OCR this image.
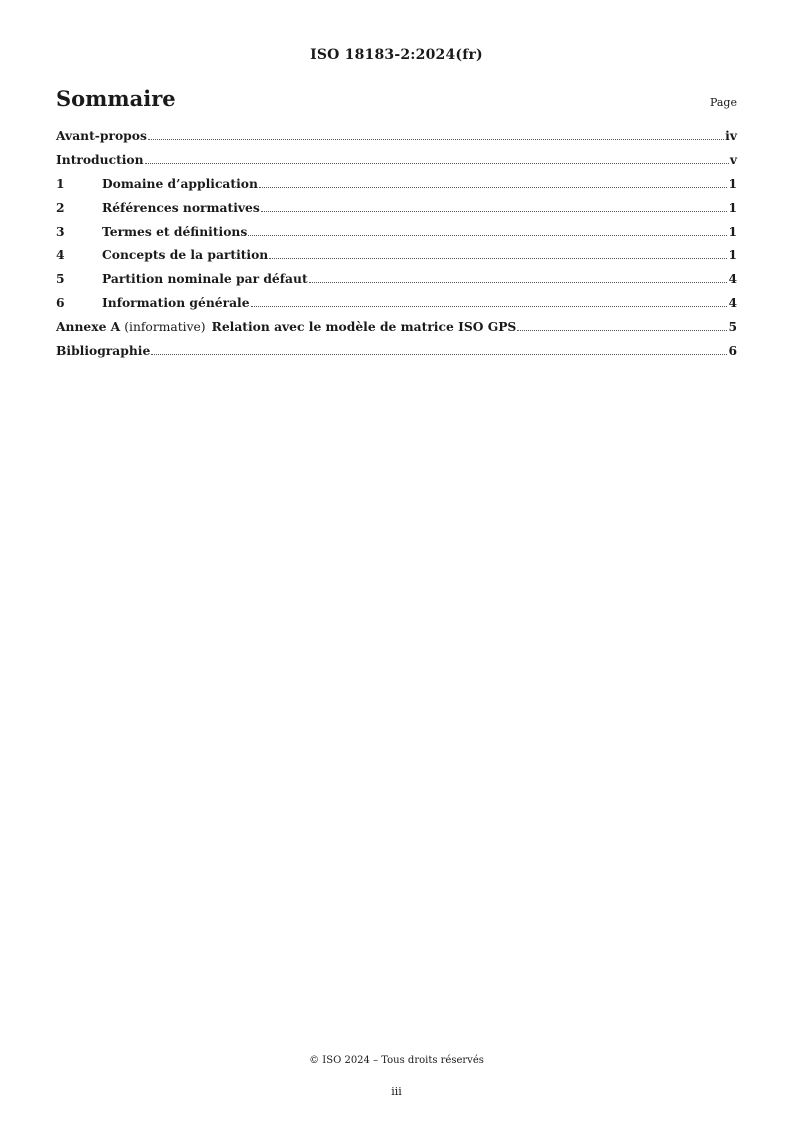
ISO 18183-2:2024(fr)
Sommaire	Page
Avant-propos	iv
Introduction	v
1	Domaine d’application	1
2	Références normatives	1
3	Termes et définitions	1
4	Concepts de la partition	1
5	Partition nominale par défaut	4
6	Information générale	4
Annexe A (informative) Relation avec le modèle de matrice ISO GPS	5
Bibliographie	6
© ISO 2024 – Tous droits réservés
iii
